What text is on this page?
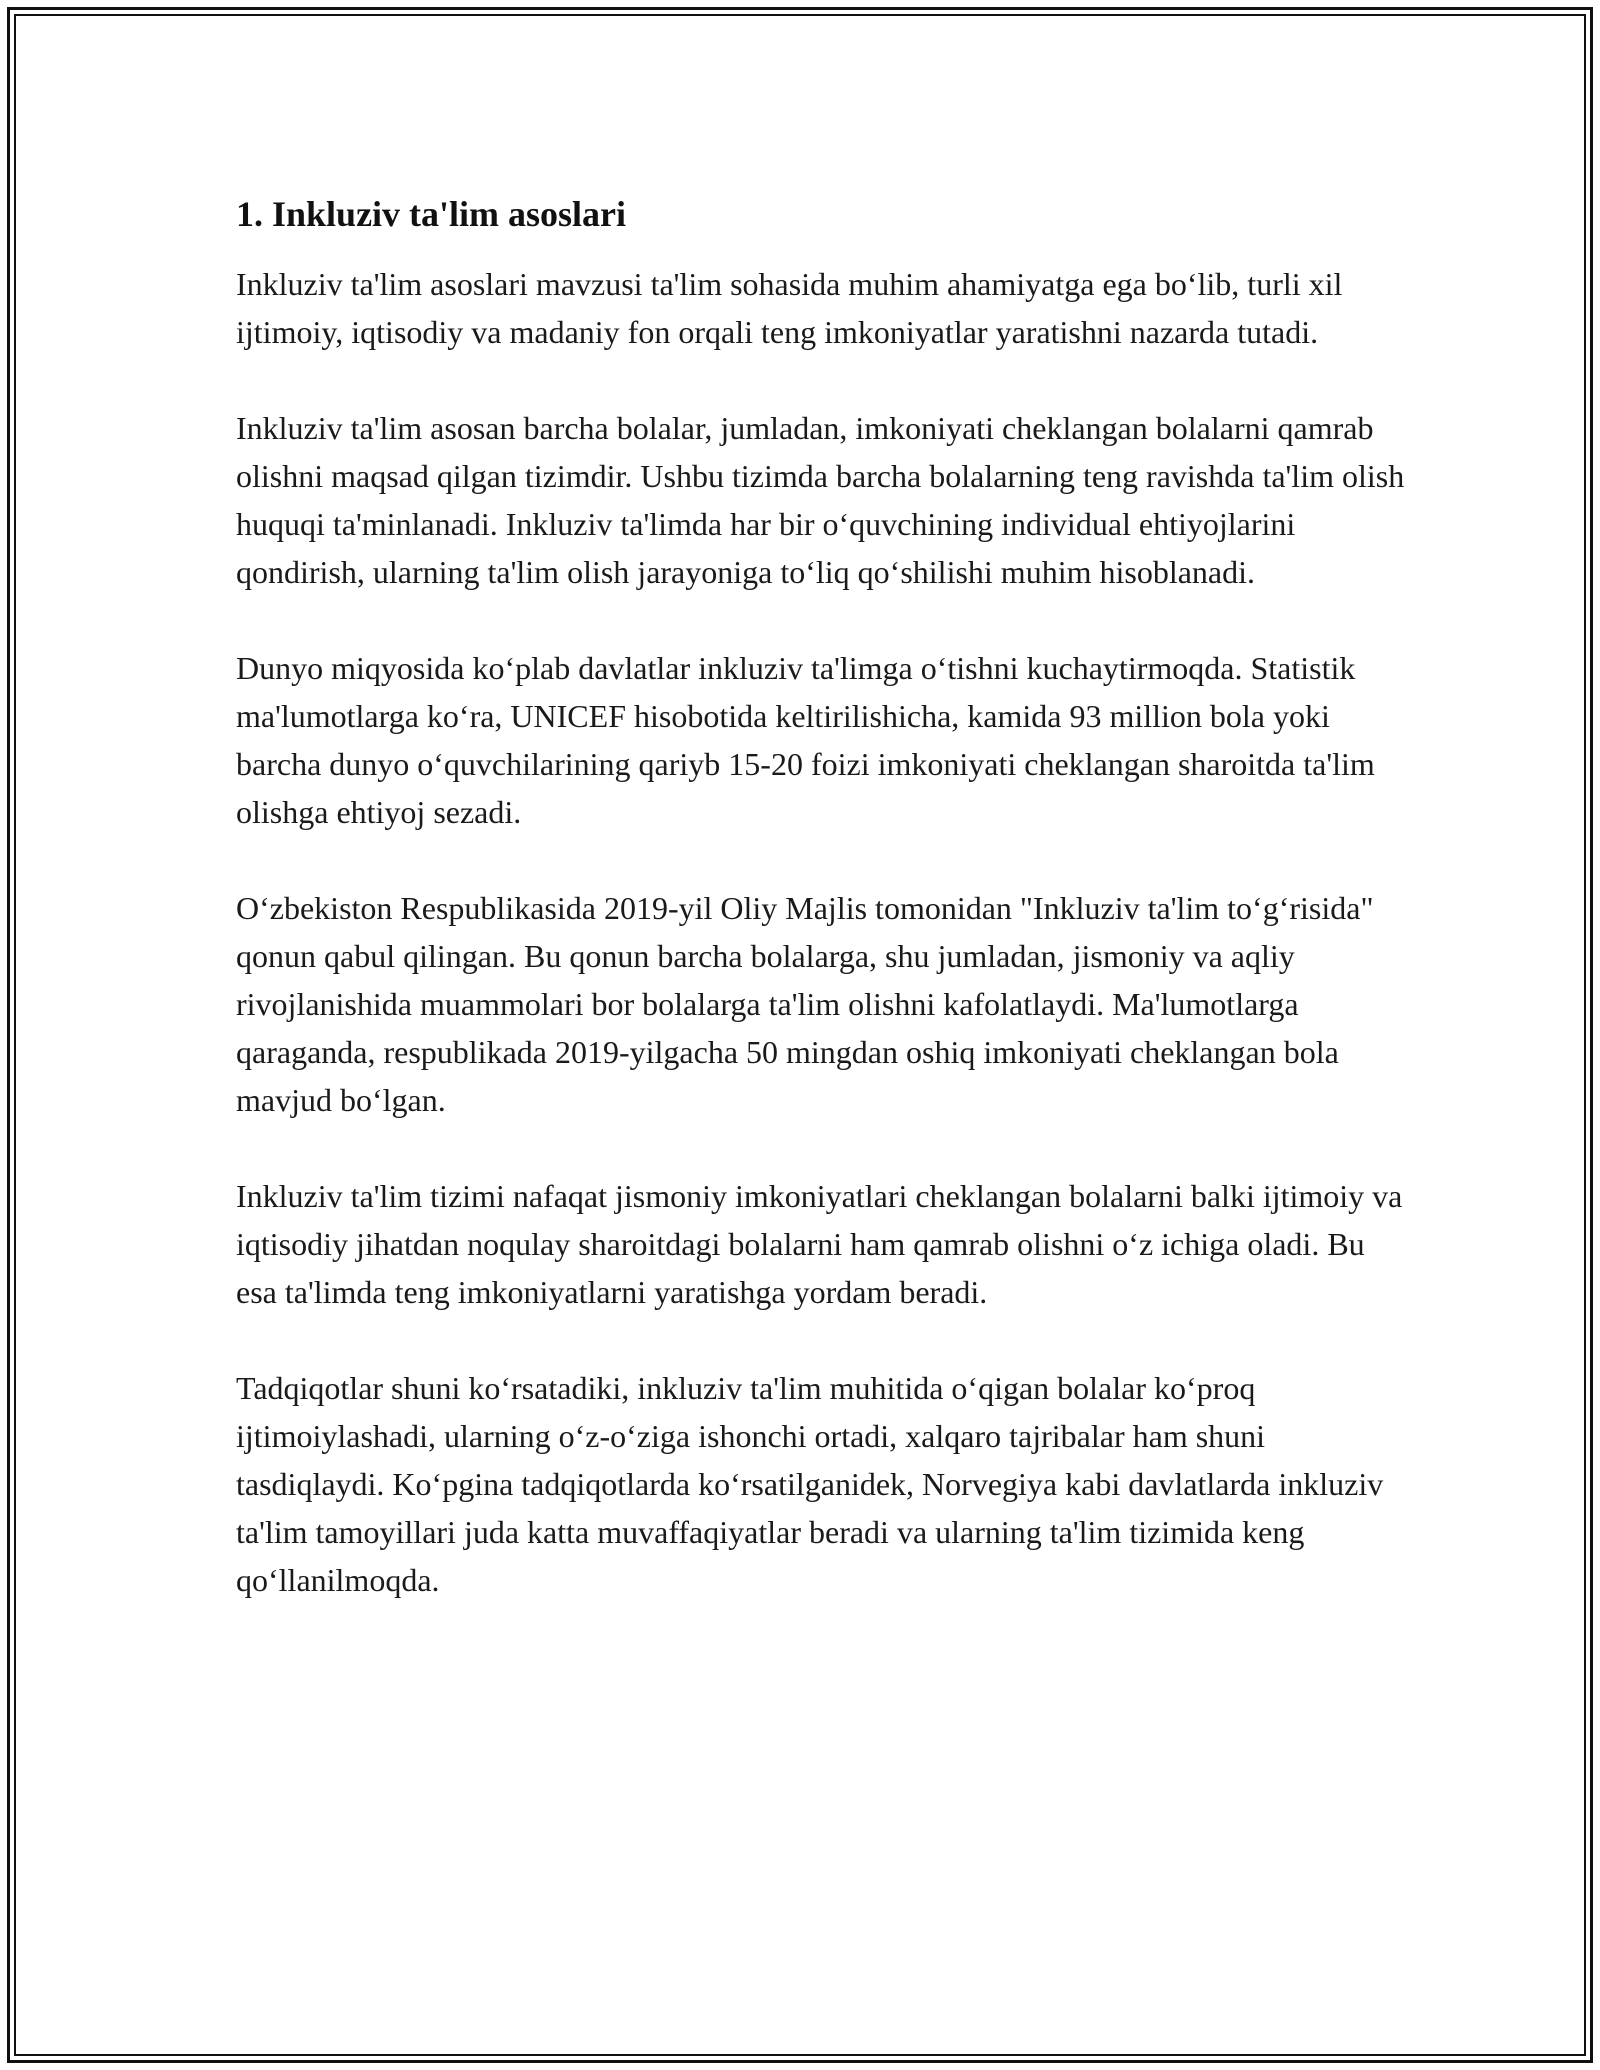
1. Inkluziv ta'lim asoslari

Inkluziv ta'lim asoslari mavzusi ta'lim sohasida muhim ahamiyatga ega bo‘lib, turli xil ijtimoiy, iqtisodiy va madaniy fon orqali teng imkoniyatlar yaratishni nazarda tutadi.

Inkluziv ta'lim asosan barcha bolalar, jumladan, imkoniyati cheklangan bolalarni qamrab olishni maqsad qilgan tizimdir. Ushbu tizimda barcha bolalarning teng ravishda ta'lim olish huquqi ta'minlanadi. Inkluziv ta'limda har bir o‘quvchining individual ehtiyojlarini qondirish, ularning ta'lim olish jarayoniga to‘liq qo‘shilishi muhim hisoblanadi.

Dunyo miqyosida ko‘plab davlatlar inkluziv ta'limga o‘tishni kuchaytirmoqda. Statistik ma'lumotlarga ko‘ra, UNICEF hisobotida keltirilishicha, kamida 93 million bola yoki barcha dunyo o‘quvchilarining qariyb 15-20 foizi imkoniyati cheklangan sharoitda ta'lim olishga ehtiyoj sezadi.

O‘zbekiston Respublikasida 2019-yil Oliy Majlis tomonidan "Inkluziv ta'lim to‘g‘risida" qonun qabul qilingan. Bu qonun barcha bolalarga, shu jumladan, jismoniy va aqliy rivojlanishida muammolari bor bolalarga ta'lim olishni kafolatlaydi. Ma'lumotlarga qaraganda, respublikada 2019-yilgacha 50 mingdan oshiq imkoniyati cheklangan bola mavjud bo‘lgan.

Inkluziv ta'lim tizimi nafaqat jismoniy imkoniyatlari cheklangan bolalarni balki ijtimoiy va iqtisodiy jihatdan noqulay sharoitdagi bolalarni ham qamrab olishni o‘z ichiga oladi. Bu esa ta'limda teng imkoniyatlarni yaratishga yordam beradi.

Tadqiqotlar shuni ko‘rsatadiki, inkluziv ta'lim muhitida o‘qigan bolalar ko‘proq ijtimoiylashadi, ularning o‘z-o‘ziga ishonchi ortadi, xalqaro tajribalar ham shuni tasdiqlaydi. Ko‘pgina tadqiqotlarda ko‘rsatilganidek, Norvegiya kabi davlatlarda inkluziv ta'lim tamoyillari juda katta muvaffaqiyatlar beradi va ularning ta'lim tizimida keng qo‘llanilmoqda.
